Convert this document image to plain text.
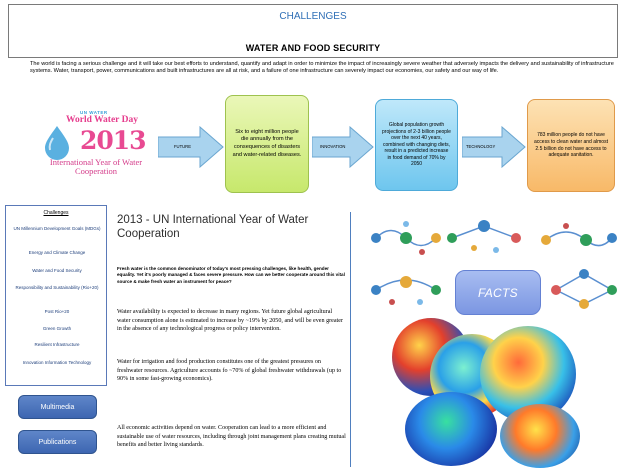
CHALLENGES
WATER AND FOOD SECURITY
The world is facing a serious challenge and it will take our best efforts to understand, quantify and adapt in order to minimize the impact of increasingly severe weather that adversely impacts the delivery and sustainability of infrastructure systems. Water, transport, power, communications and built infrastructures are all at risk, and a failure of one infrastructure can severely impact our economies, our safety and our way of life.
UN WATER
World Water Day
2013
International Year of Water Cooperation
FUTURE	INNOVATION	TECHNOLOGY
Six to eight million people die annually from the consequences of disasters and water-related diseases.
Global population growth projections of 2-3 billion people over the next 40 years, combined with changing diets, result in a predicted increase in food demand of 70% by 2050
783 million people do not have access to clean water and almost 2.5 billion do not have access to adequate sanitation.
Challenges
UN Millennium Development Goals (MDGs)
Energy and Climate Change
Water and Food Security
Responsibility and Sustainability (Rio+20)
Post Rio+20
Green Growth
Resilient Infrastructure
Innovation Information Technology
Multimedia
Publications
2013 - UN International Year of Water Cooperation
Fresh water is the common denominator of today's most pressing challenges, like health, gender equality. Yet it's poorly managed & faces severe pressure. How can we better cooperate around this vital source & make fresh water an instrument for peace?
Water availability is expected to decrease in many regions. Yet future global agricultural water consumption alone is estimated to increase by ~19% by 2050, and will be even greater in the absence of any technological progress or policy intervention.
Water for irrigation and food production constitutes one of the greatest pressures on freshwater resources. Agriculture accounts fo ~70% of global freshwater withdrawals (up to 90% in some fast-growing economics).
All economic activities depend on water. Cooperation can lead to a more efficient and sustainable use of water resources, including through joint management plans creating mutual benefits and better living standards.
FACTS
